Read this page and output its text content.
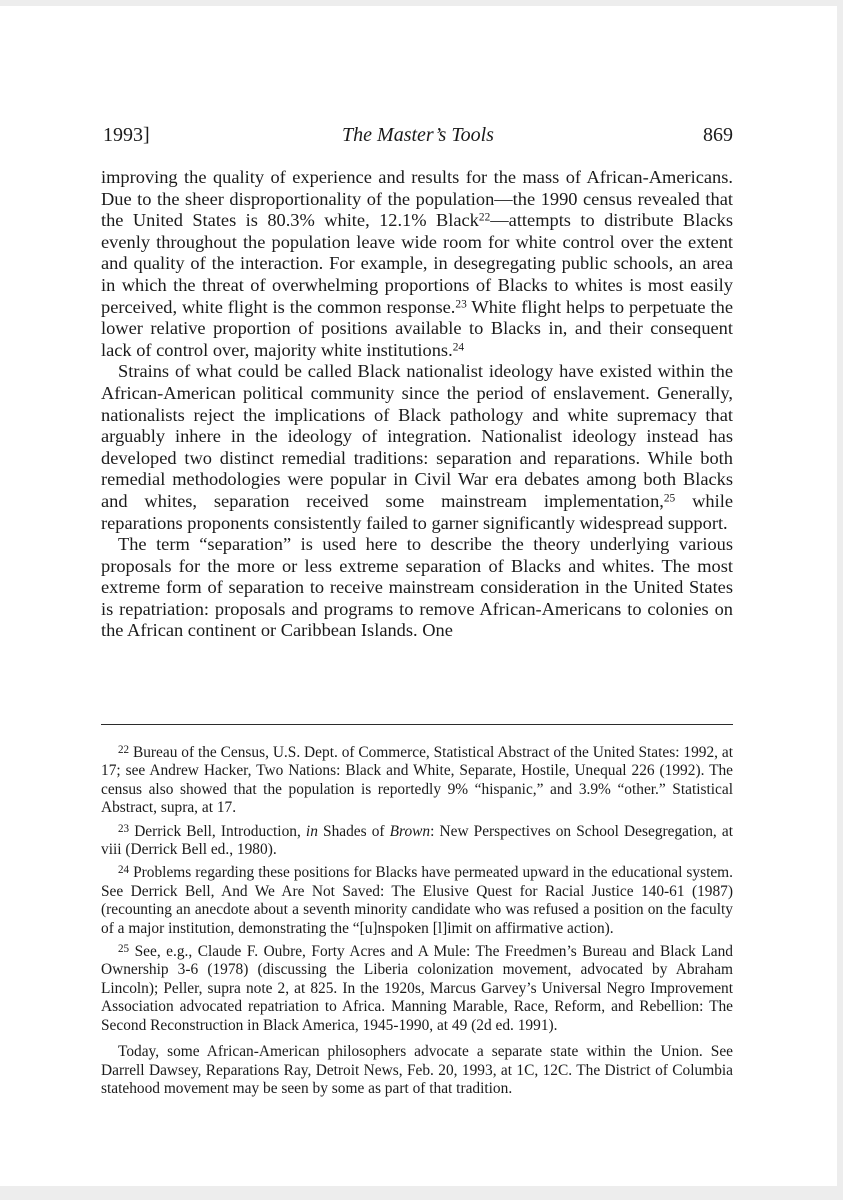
1993]	The Master’s Tools	869

improving the quality of experience and results for the mass of African-Americans. Due to the sheer disproportionality of the population—the 1990 census revealed that the United States is 80.3% white, 12.1% Black$^{22}$—attempts to distribute Blacks evenly throughout the population leave wide room for white control over the extent and quality of the interaction. For example, in desegregating public schools, an area in which the threat of overwhelming proportions of Blacks to whites is most easily perceived, white flight is the common response.$^{23}$ White flight helps to perpetuate the lower relative proportion of positions available to Blacks in, and their consequent lack of control over, majority white institutions.$^{24}$

Strains of what could be called Black nationalist ideology have existed within the African-American political community since the period of enslavement. Generally, nationalists reject the implications of Black pathology and white supremacy that arguably inhere in the ideology of integration. Nationalist ideology instead has developed two distinct remedial traditions: separation and reparations. While both remedial methodologies were popular in Civil War era debates among both Blacks and whites, separation received some mainstream implementation,$^{25}$ while reparations proponents consistently failed to garner significantly widespread support.

The term “separation” is used here to describe the theory underlying various proposals for the more or less extreme separation of Blacks and whites. The most extreme form of separation to receive mainstream consideration in the United States is repatriation: proposals and programs to remove African-Americans to colonies on the African continent or Caribbean Islands. One

$^{22}$ Bureau of the Census, U.S. Dept. of Commerce, Statistical Abstract of the United States: 1992, at 17; see Andrew Hacker, Two Nations: Black and White, Separate, Hostile, Unequal 226 (1992). The census also showed that the population is reportedly 9% “hispanic,” and 3.9% “other.” Statistical Abstract, supra, at 17.

$^{23}$ Derrick Bell, Introduction, in Shades of Brown: New Perspectives on School Desegregation, at viii (Derrick Bell ed., 1980).

$^{24}$ Problems regarding these positions for Blacks have permeated upward in the educational system. See Derrick Bell, And We Are Not Saved: The Elusive Quest for Racial Justice 140-61 (1987) (recounting an anecdote about a seventh minority candidate who was refused a position on the faculty of a major institution, demonstrating the “[u]nspoken [l]imit on affirmative action).

$^{25}$ See, e.g., Claude F. Oubre, Forty Acres and A Mule: The Freedmen’s Bureau and Black Land Ownership 3-6 (1978) (discussing the Liberia colonization movement, advocated by Abraham Lincoln); Peller, supra note 2, at 825. In the 1920s, Marcus Garvey’s Universal Negro Improvement Association advocated repatriation to Africa. Manning Marable, Race, Reform, and Rebellion: The Second Reconstruction in Black America, 1945-1990, at 49 (2d ed. 1991).

Today, some African-American philosophers advocate a separate state within the Union. See Darrell Dawsey, Reparations Ray, Detroit News, Feb. 20, 1993, at 1C, 12C. The District of Columbia statehood movement may be seen by some as part of that tradition.
